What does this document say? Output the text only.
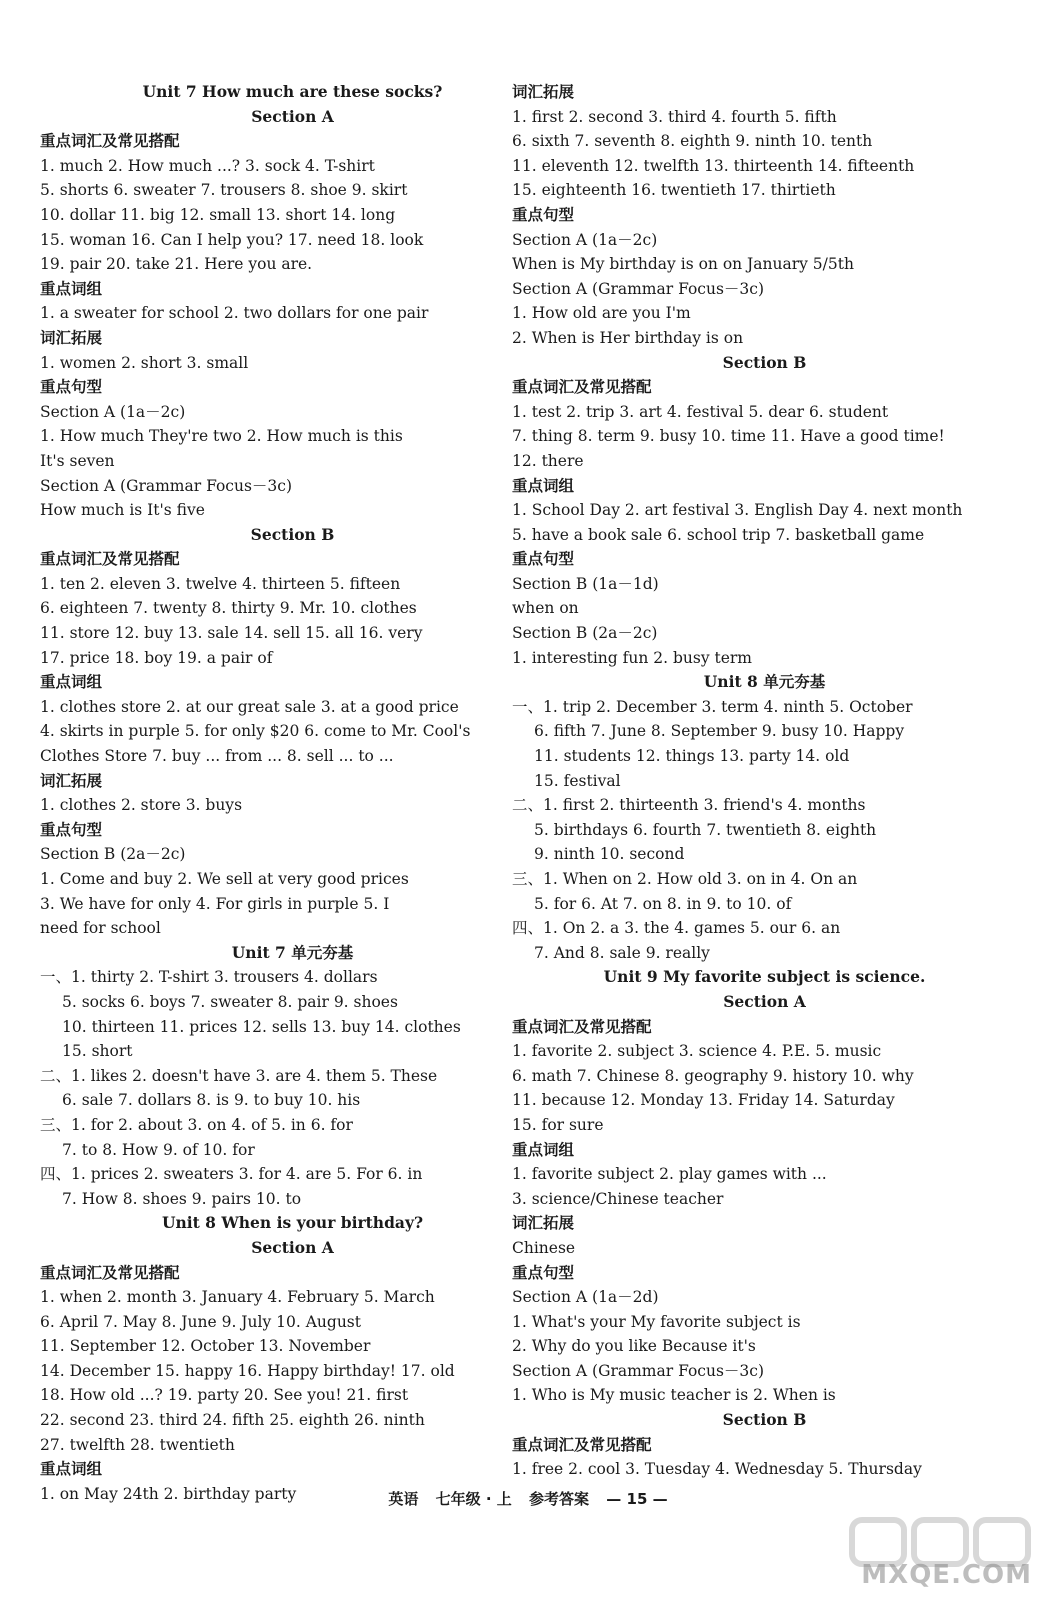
Unit 7 How much are these socks?
Section A
重点词汇及常见搭配
1. much 2. How much ...? 3. sock 4. T-shirt
5. shorts 6. sweater 7. trousers 8. shoe 9. skirt
10. dollar 11. big 12. small 13. short 14. long
15. woman 16. Can I help you? 17. need 18. look
19. pair 20. take 21. Here you are.
重点词组
1. a sweater for school 2. two dollars for one pair
词汇拓展
1. women 2. short 3. small
重点句型
Section A (1a－2c)
1. How much They're two 2. How much is this
It's seven
Section A (Grammar Focus－3c)
How much is It's five
Section B
重点词汇及常见搭配
1. ten 2. eleven 3. twelve 4. thirteen 5. fifteen
6. eighteen 7. twenty 8. thirty 9. Mr. 10. clothes
11. store 12. buy 13. sale 14. sell 15. all 16. very
17. price 18. boy 19. a pair of
重点词组
1. clothes store 2. at our great sale 3. at a good price
4. skirts in purple 5. for only $20 6. come to Mr. Cool's
Clothes Store 7. buy ... from ... 8. sell ... to ...
词汇拓展
1. clothes 2. store 3. buys
重点句型
Section B (2a－2c)
1. Come and buy 2. We sell at very good prices
3. We have for only 4. For girls in purple 5. I
need for school
Unit 7 单元夯基
一、1. thirty 2. T-shirt 3. trousers 4. dollars
5. socks 6. boys 7. sweater 8. pair 9. shoes
10. thirteen 11. prices 12. sells 13. buy 14. clothes
15. short
二、1. likes 2. doesn't have 3. are 4. them 5. These
6. sale 7. dollars 8. is 9. to buy 10. his
三、1. for 2. about 3. on 4. of 5. in 6. for
7. to 8. How 9. of 10. for
四、1. prices 2. sweaters 3. for 4. are 5. For 6. in
7. How 8. shoes 9. pairs 10. to
Unit 8 When is your birthday?
Section A
重点词汇及常见搭配
1. when 2. month 3. January 4. February 5. March
6. April 7. May 8. June 9. July 10. August
11. September 12. October 13. November
14. December 15. happy 16. Happy birthday! 17. old
18. How old ...? 19. party 20. See you! 21. first
22. second 23. third 24. fifth 25. eighth 26. ninth
27. twelfth 28. twentieth
重点词组
1. on May 24th 2. birthday party
词汇拓展
1. first 2. second 3. third 4. fourth 5. fifth
6. sixth 7. seventh 8. eighth 9. ninth 10. tenth
11. eleventh 12. twelfth 13. thirteenth 14. fifteenth
15. eighteenth 16. twentieth 17. thirtieth
重点句型
Section A (1a－2c)
When is My birthday is on on January 5/5th
Section A (Grammar Focus－3c)
1. How old are you I'm
2. When is Her birthday is on
Section B
重点词汇及常见搭配
1. test 2. trip 3. art 4. festival 5. dear 6. student
7. thing 8. term 9. busy 10. time 11. Have a good time!
12. there
重点词组
1. School Day 2. art festival 3. English Day 4. next month
5. have a book sale 6. school trip 7. basketball game
重点句型
Section B (1a－1d)
when on
Section B (2a－2c)
1. interesting fun 2. busy term
Unit 8 单元夯基
一、1. trip 2. December 3. term 4. ninth 5. October
6. fifth 7. June 8. September 9. busy 10. Happy
11. students 12. things 13. party 14. old
15. festival
二、1. first 2. thirteenth 3. friend's 4. months
5. birthdays 6. fourth 7. twentieth 8. eighth
9. ninth 10. second
三、1. When on 2. How old 3. on in 4. On an
5. for 6. At 7. on 8. in 9. to 10. of
四、1. On 2. a 3. the 4. games 5. our 6. an
7. And 8. sale 9. really
Unit 9 My favorite subject is science.
Section A
重点词汇及常见搭配
1. favorite 2. subject 3. science 4. P.E. 5. music
6. math 7. Chinese 8. geography 9. history 10. why
11. because 12. Monday 13. Friday 14. Saturday
15. for sure
重点词组
1. favorite subject 2. play games with ...
3. science/Chinese teacher
词汇拓展
Chinese
重点句型
Section A (1a－2d)
1. What's your My favorite subject is
2. Why do you like Because it's
Section A (Grammar Focus－3c)
1. Who is My music teacher is 2. When is
Section B
重点词汇及常见搭配
1. free 2. cool 3. Tuesday 4. Wednesday 5. Thursday
英语 七年级 · 上 参考答案 — 15 —
MXQE.COM
